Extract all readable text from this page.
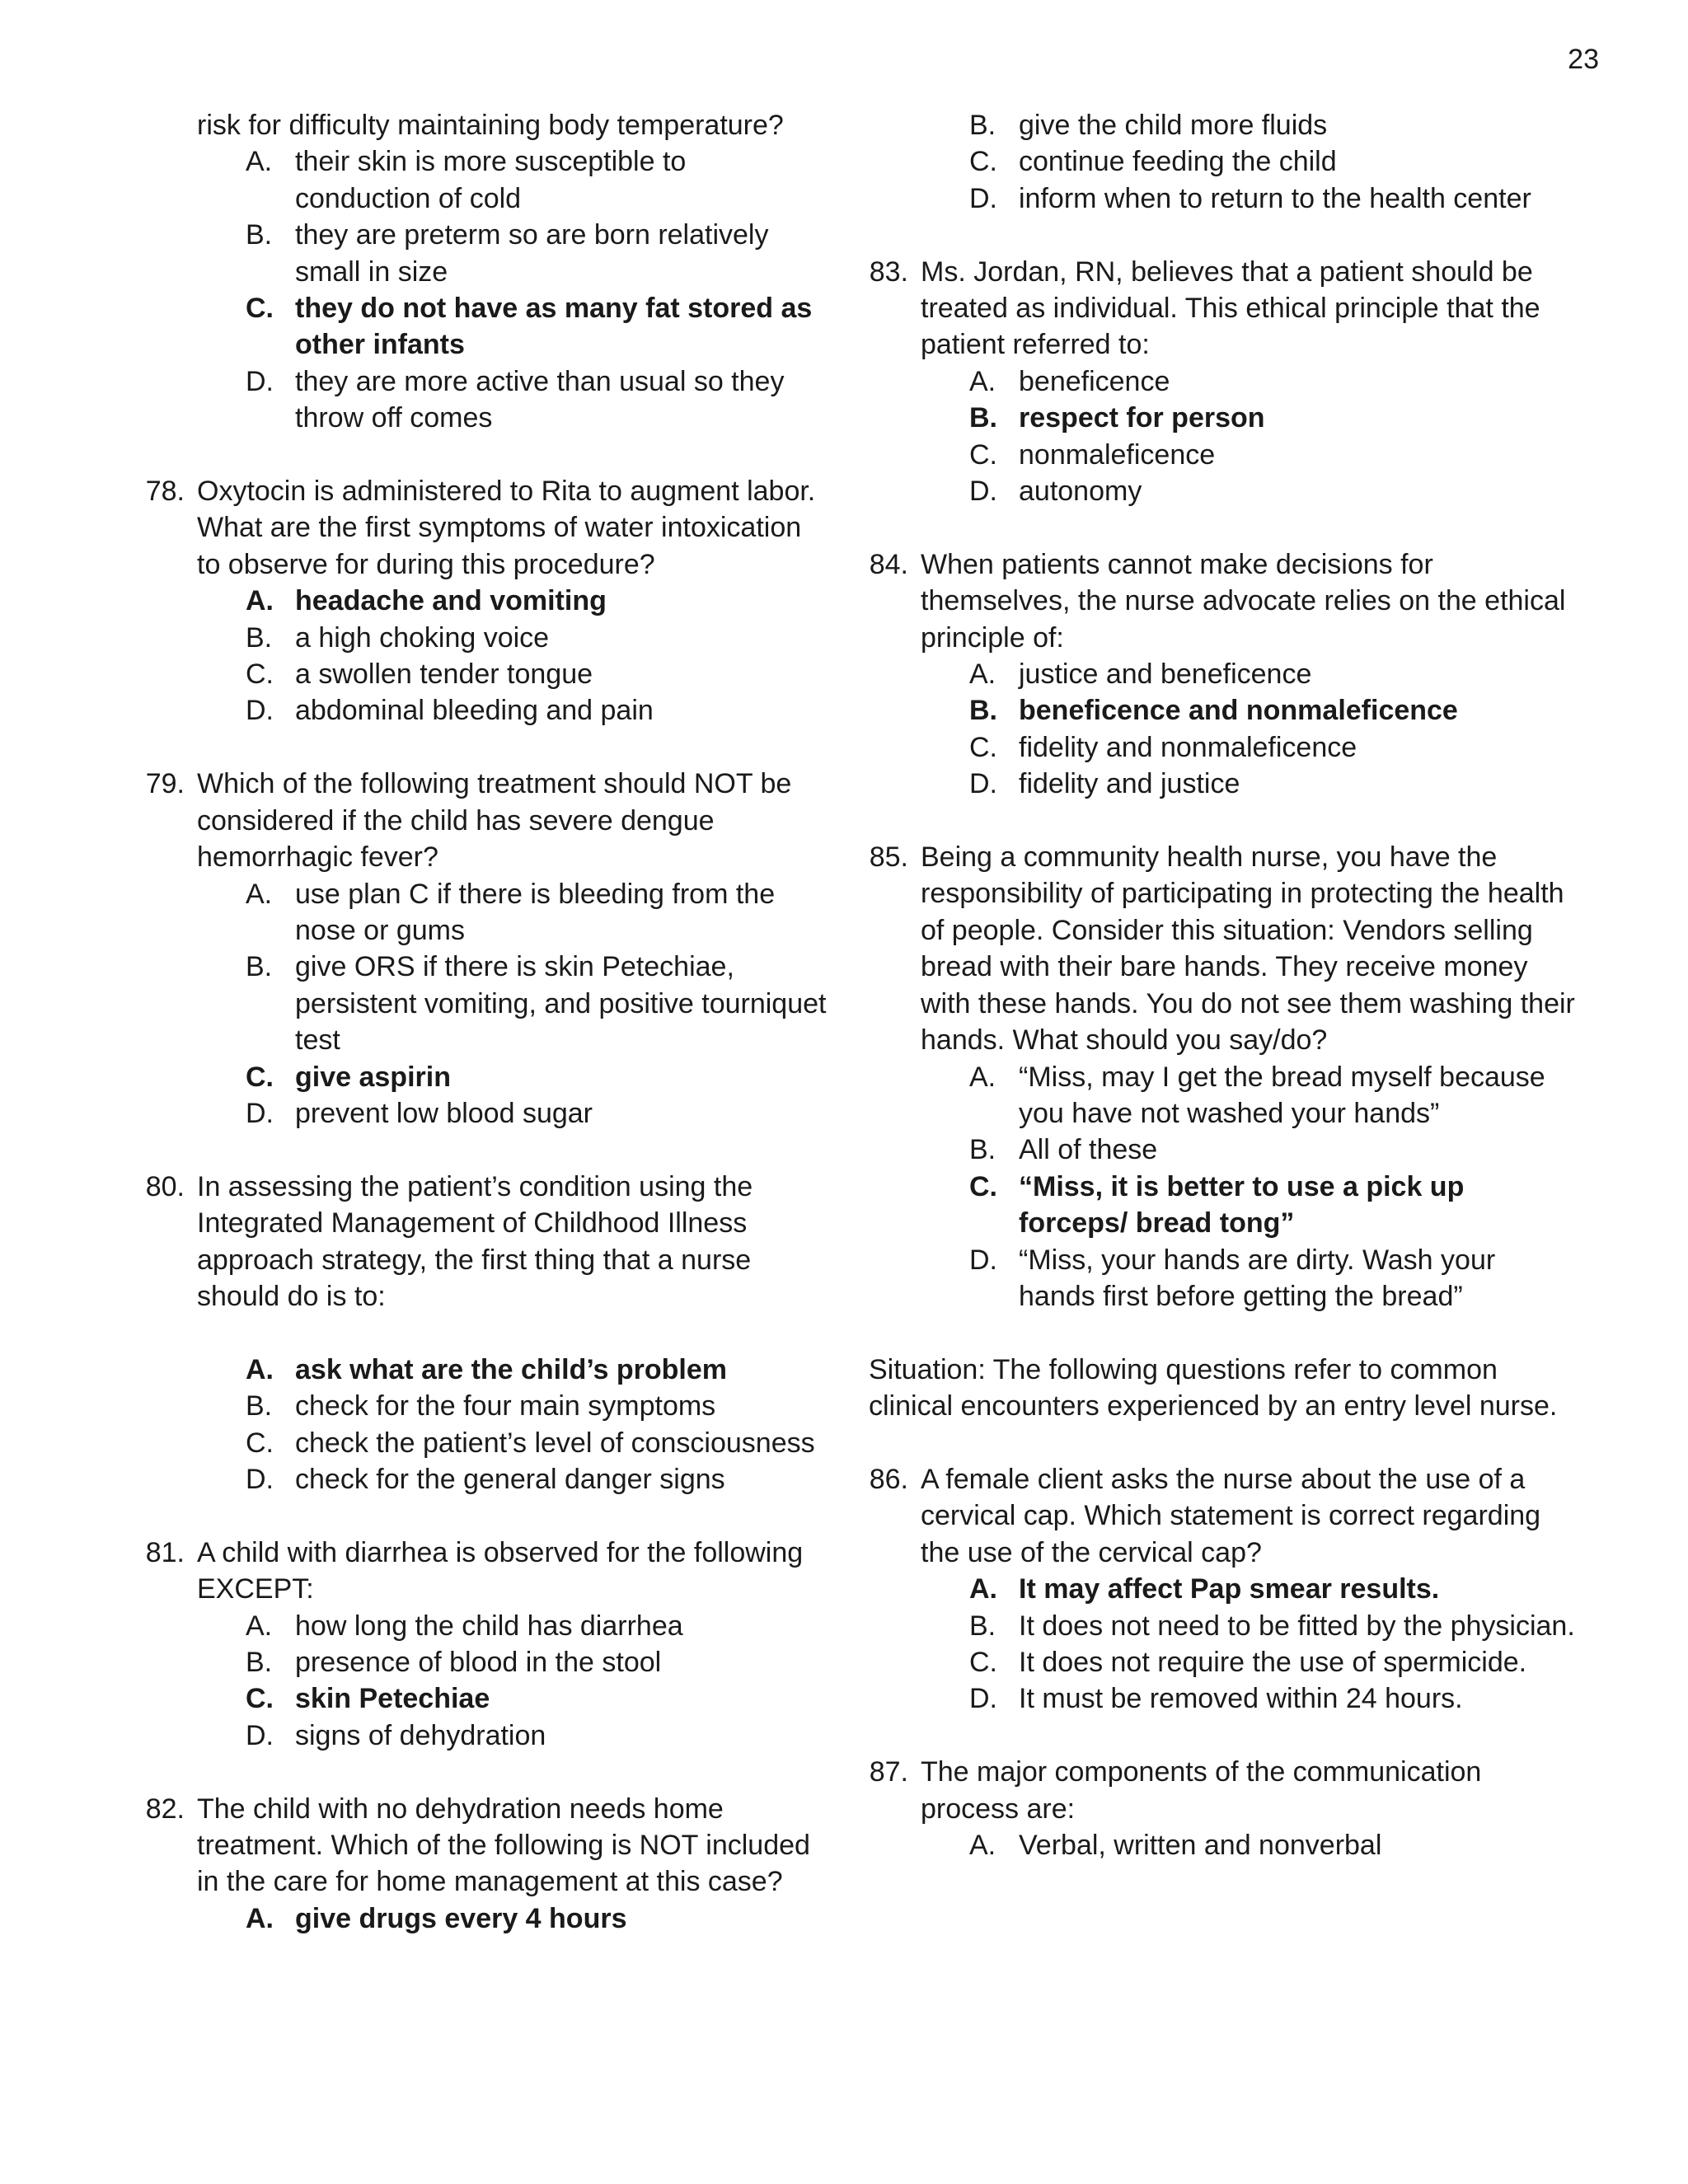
23
risk for difficulty maintaining body temperature?
A. their skin is more susceptible to conduction of cold
B. they are preterm so are born relatively small in size
C. they do not have as many fat stored as other infants
D. they are more active than usual so they throw off comes
78. Oxytocin is administered to Rita to augment labor. What are the first symptoms of water intoxication to observe for during this procedure?
A. headache and vomiting
B. a high choking voice
C. a swollen tender tongue
D. abdominal bleeding and pain
79. Which of the following treatment should NOT be considered if the child has severe dengue hemorrhagic fever?
A. use plan C if there is bleeding from the nose or gums
B. give ORS if there is skin Petechiae, persistent vomiting, and positive tourniquet test
C. give aspirin
D. prevent low blood sugar
80. In assessing the patient’s condition using the Integrated Management of Childhood Illness approach strategy, the first thing that a nurse should do is to:
A. ask what are the child’s problem
B. check for the four main symptoms
C. check the patient’s level of consciousness
D. check for the general danger signs
81. A child with diarrhea is observed for the following EXCEPT:
A. how long the child has diarrhea
B. presence of blood in the stool
C. skin Petechiae
D. signs of dehydration
82. The child with no dehydration needs home treatment. Which of the following is NOT included in the care for home management at this case?
A. give drugs every 4 hours
B. give the child more fluids
C. continue feeding the child
D. inform when to return to the health center
83. Ms. Jordan, RN, believes that a patient should be treated as individual. This ethical principle that the patient referred to:
A. beneficence
B. respect for person
C. nonmaleficence
D. autonomy
84. When patients cannot make decisions for themselves, the nurse advocate relies on the ethical principle of:
A. justice and beneficence
B. beneficence and nonmaleficence
C. fidelity and nonmaleficence
D. fidelity and justice
85. Being a community health nurse, you have the responsibility of participating in protecting the health of people. Consider this situation: Vendors selling bread with their bare hands. They receive money with these hands. You do not see them washing their hands. What should you say/do?
A. “Miss, may I get the bread myself because you have not washed your hands”
B. All of these
C. “Miss, it is better to use a pick up forceps/ bread tong”
D. “Miss, your hands are dirty. Wash your hands first before getting the bread”
Situation: The following questions refer to common clinical encounters experienced by an entry level nurse.
86. A female client asks the nurse about the use of a cervical cap. Which statement is correct regarding the use of the cervical cap?
A. It may affect Pap smear results.
B. It does not need to be fitted by the physician.
C. It does not require the use of spermicide.
D. It must be removed within 24 hours.
87. The major components of the communication process are:
A. Verbal, written and nonverbal
